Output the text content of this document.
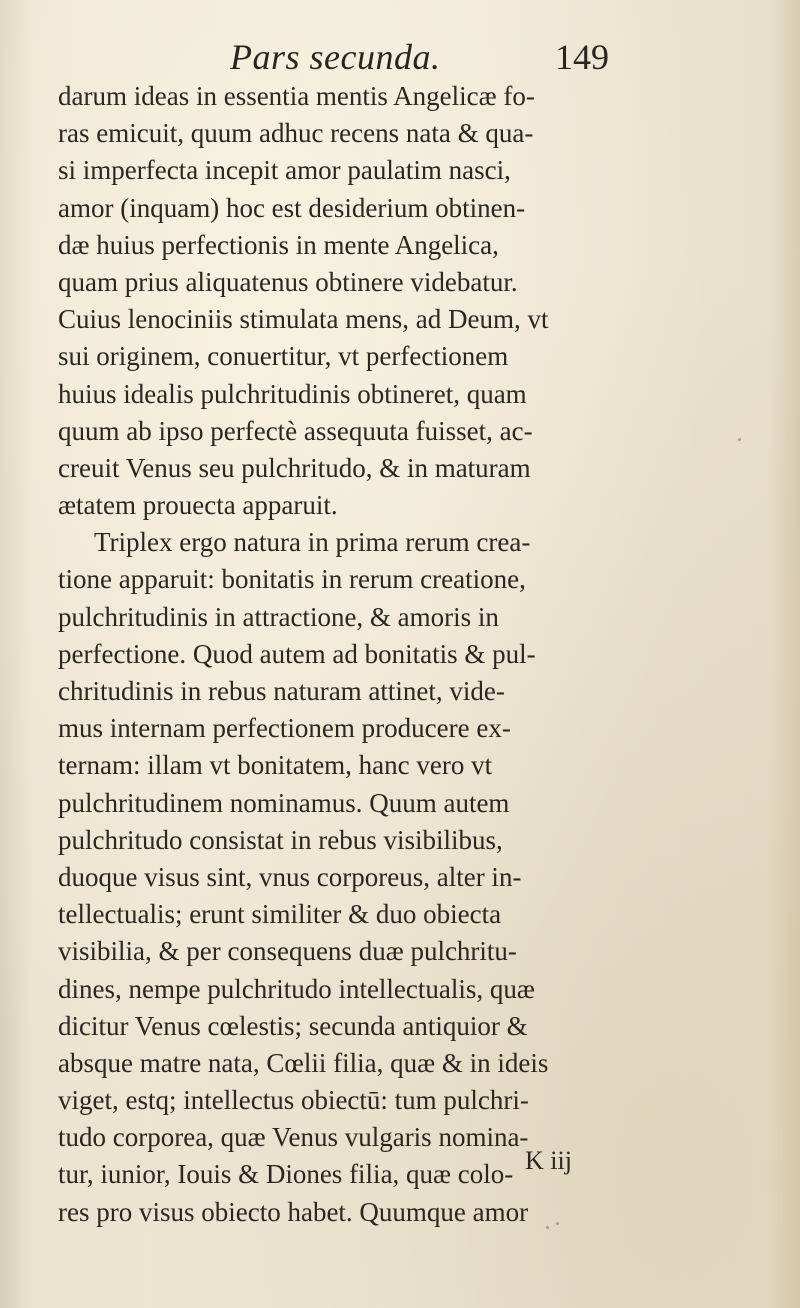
Pars secunda.	149
darum ideas in essentia mentis Angelicæ fo-
ras emicuit, quum adhuc recens nata & qua-
si imperfecta incepit amor paulatim nasci,
amor (inquam) hoc est desiderium obtinen-
dæ huius perfectionis in mente Angelica,
quam prius aliquatenus obtinere videbatur.
Cuius lenociniis stimulata mens, ad Deum, vt
sui originem, conuertitur, vt perfectionem
huius idealis pulchritudinis obtineret, quam
quum ab ipso perfectè assequuta fuisset, ac-
creuit Venus seu pulchritudo, & in maturam
ætatem prouecta apparuit.
Triplex ergo natura in prima rerum crea-
tione apparuit: bonitatis in rerum creatione,
pulchritudinis in attractione, & amoris in
perfectione. Quod autem ad bonitatis & pul-
chritudinis in rebus naturam attinet, vide-
mus internam perfectionem producere ex-
ternam: illam vt bonitatem, hanc vero vt
pulchritudinem nominamus. Quum autem
pulchritudo consistat in rebus visibilibus,
duoque visus sint, vnus corporeus, alter in-
tellectualis; erunt similiter & duo obiecta
visibilia, & per consequens duæ pulchritu-
dines, nempe pulchritudo intellectualis, quæ
dicitur Venus cœlestis; secunda antiquior &
absque matre nata, Cœlii filia, quæ & in ideis
viget, estq; intellectus obiectū: tum pulchri-
tudo corporea, quæ Venus vulgaris nomina-
tur, iunior, Iouis & Diones filia, quæ colo-
res pro visus obiecto habet. Quumque amor
K iij
